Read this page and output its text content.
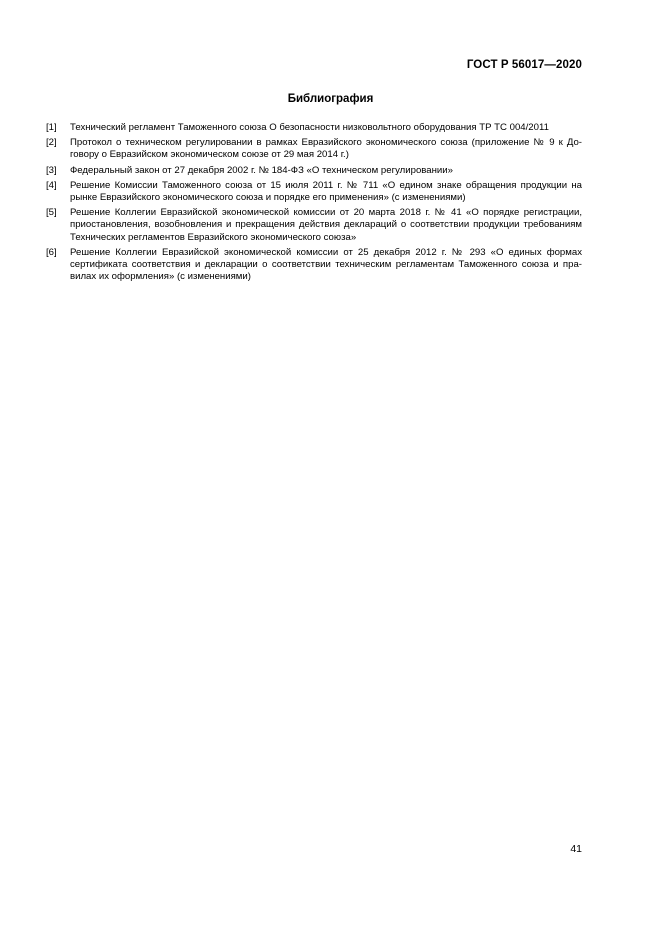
ГОСТ Р 56017—2020
Библиография
[1]	Технический регламент Таможенного союза О безопасности низковольтного оборудования ТР ТС 004/2011
[2]	Протокол о техническом регулировании в рамках Евразийского экономического союза (приложение № 9 к Договору о Евразийском экономическом союзе от 29 мая 2014 г.)
[3]	Федеральный закон от 27 декабря 2002 г. № 184-ФЗ «О техническом регулировании»
[4]	Решение Комиссии Таможенного союза от 15 июля 2011 г. № 711 «О едином знаке обращения продукции на рынке Евразийского экономического союза и порядке его применения» (с изменениями)
[5]	Решение Коллегии Евразийской экономической комиссии от 20 марта 2018 г. № 41 «О порядке регистрации, приостановления, возобновления и прекращения действия деклараций о соответствии продукции требованиям Технических регламентов Евразийского экономического союза»
[6]	Решение Коллегии Евразийской экономической комиссии от 25 декабря 2012 г. № 293 «О единых формах сертификата соответствия и декларации о соответствии техническим регламентам Таможенного союза и правилах их оформления» (с изменениями)
41
